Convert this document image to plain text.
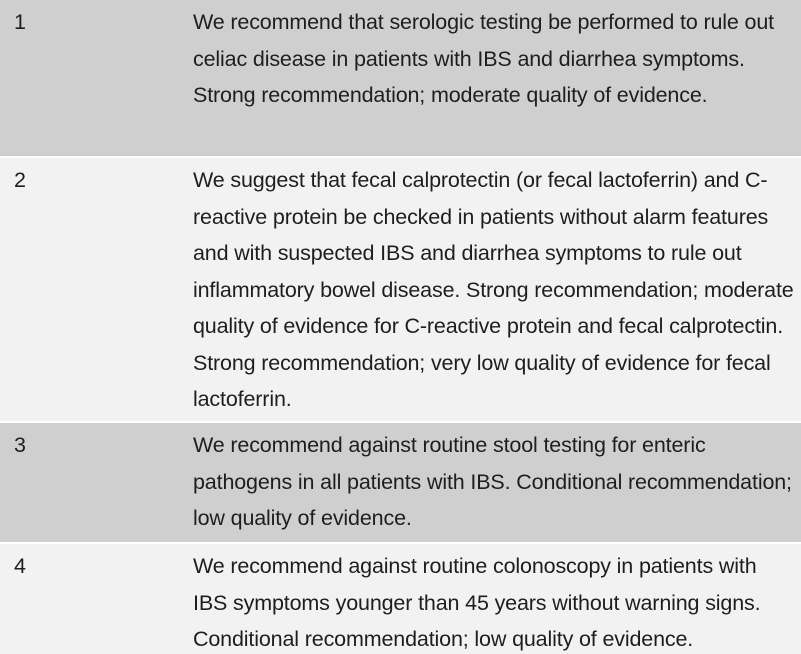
1	We recommend that serologic testing be performed to rule out celiac disease in patients with IBS and diarrhea symptoms. Strong recommendation; moderate quality of evidence.
2	We suggest that fecal calprotectin (or fecal lactoferrin) and C-reactive protein be checked in patients without alarm features and with suspected IBS and diarrhea symptoms to rule out inflammatory bowel disease. Strong recommendation; moderate quality of evidence for C-reactive protein and fecal calprotectin. Strong recommendation; very low quality of evidence for fecal lactoferrin.
3	We recommend against routine stool testing for enteric pathogens in all patients with IBS. Conditional recommendation; low quality of evidence.
4	We recommend against routine colonoscopy in patients with IBS symptoms younger than 45 years without warning signs. Conditional recommendation; low quality of evidence.
